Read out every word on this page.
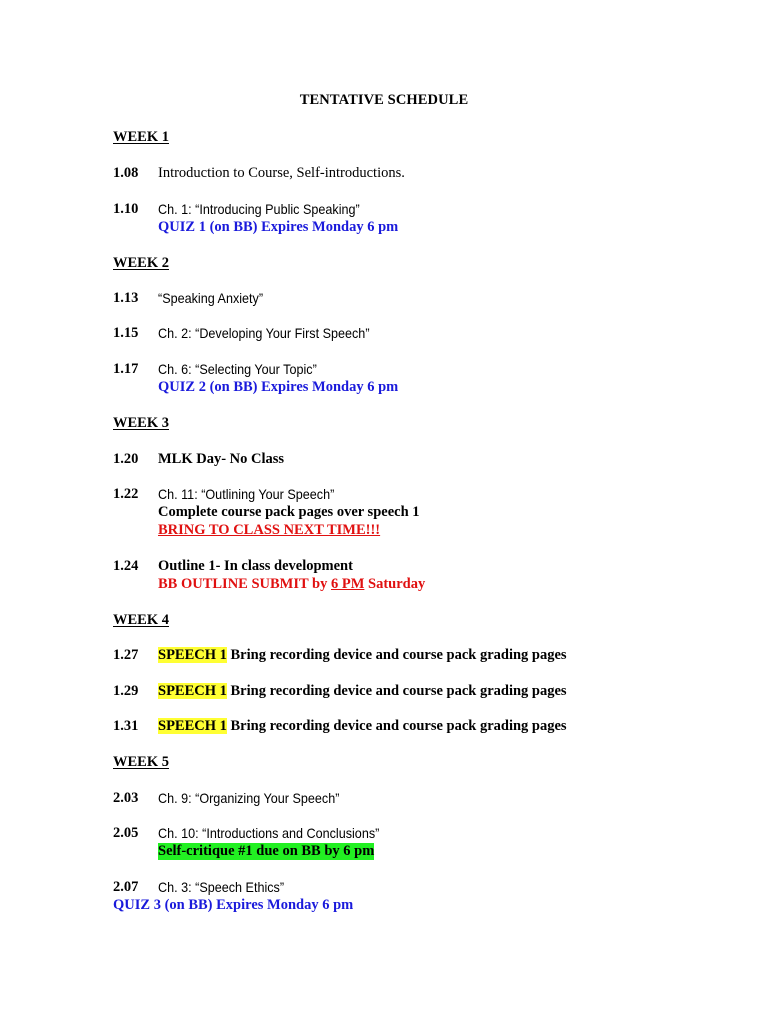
TENTATIVE SCHEDULE
WEEK 1
1.08 Introduction to Course, Self-introductions.
1.10 Ch. 1: “Introducing Public Speaking”
QUIZ 1 (on BB) Expires Monday 6 pm
WEEK 2
1.13 “Speaking Anxiety”
1.15 Ch. 2: “Developing Your First Speech”
1.17 Ch. 6: “Selecting Your Topic”
QUIZ 2 (on BB) Expires Monday 6 pm
WEEK 3
1.20 MLK Day- No Class
1.22 Ch. 11: “Outlining Your Speech”
Complete course pack pages over speech 1
BRING TO CLASS NEXT TIME!!!
1.24 Outline 1- In class development
BB OUTLINE SUBMIT by 6 PM Saturday
WEEK 4
1.27 SPEECH 1 Bring recording device and course pack grading pages
1.29 SPEECH 1 Bring recording device and course pack grading pages
1.31 SPEECH 1 Bring recording device and course pack grading pages
WEEK 5
2.03 Ch. 9: “Organizing Your Speech”
2.05 Ch. 10: “Introductions and Conclusions”
Self-critique #1 due on BB by 6 pm
2.07 Ch. 3: “Speech Ethics”
QUIZ 3 (on BB) Expires Monday 6 pm
